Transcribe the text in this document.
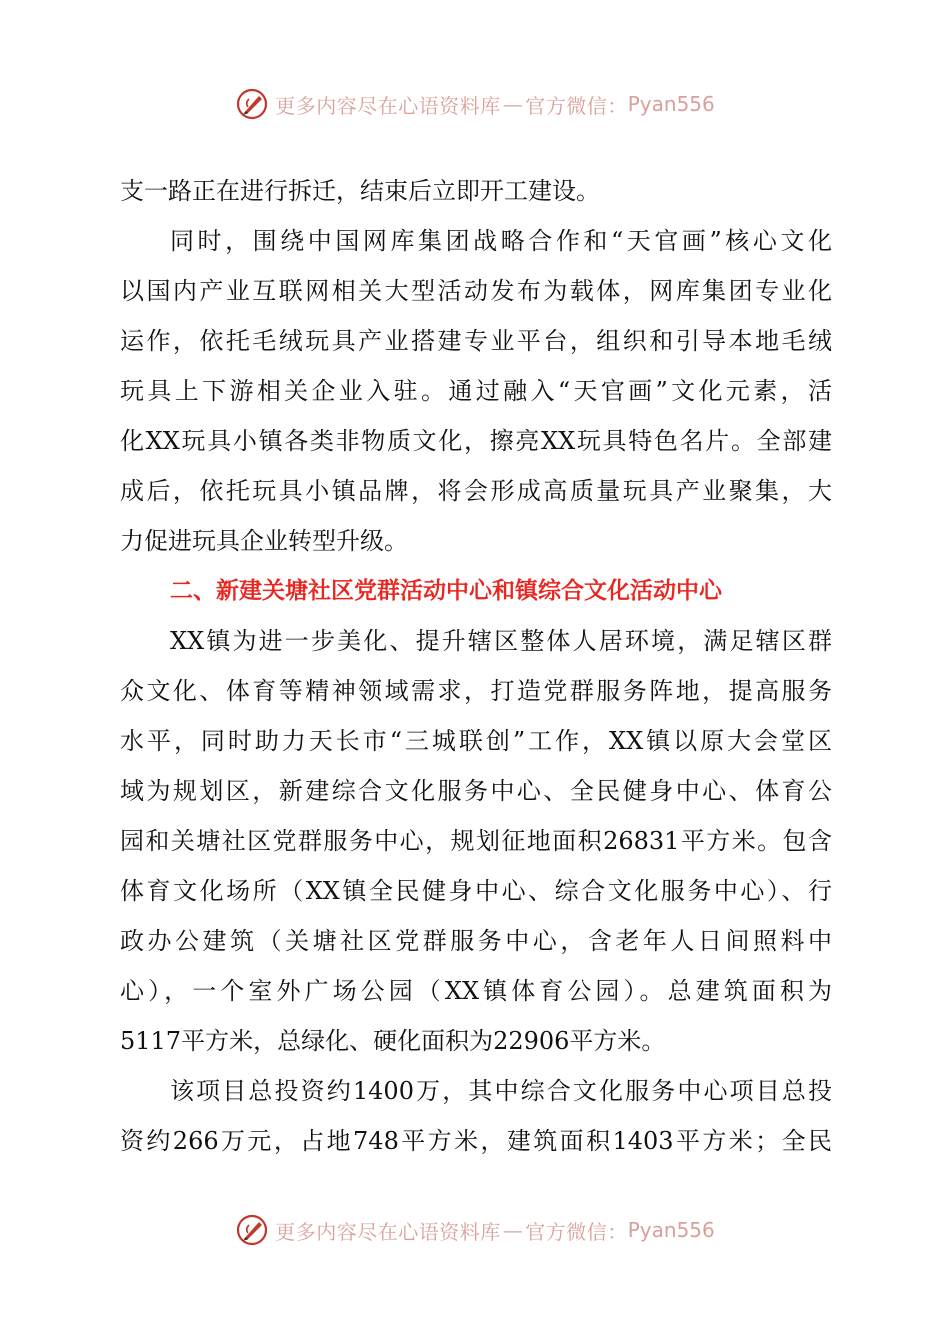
更多内容尽在心语资料库 — 官方微信： Pyan556
支一路正在进行拆迁，结束后立即开工建设。
同时，围绕中国网库集团战略合作和“天官画”核心文化
以国内产业互联网相关大型活动发布为载体，网库集团专业化
运作，依托毛绒玩具产业搭建专业平台，组织和引导本地毛绒
玩具上下游相关企业入驻。通过融入“天官画”文化元素，活
化XX玩具小镇各类非物质文化，擦亮XX玩具特色名片。全部建
成后，依托玩具小镇品牌，将会形成高质量玩具产业聚集，大
力促进玩具企业转型升级。
二、新建关塘社区党群活动中心和镇综合文化活动中心
XX镇为进一步美化、提升辖区整体人居环境，满足辖区群
众文化、体育等精神领域需求，打造党群服务阵地，提高服务
水平，同时助力天长市“三城联创”工作，XX镇以原大会堂区
域为规划区，新建综合文化服务中心、全民健身中心、体育公
园和关塘社区党群服务中心，规划征地面积26831平方米。包含
体育文化场所（XX镇全民健身中心、综合文化服务中心）、行
政办公建筑（关塘社区党群服务中心，含老年人日间照料中
心），一个室外广场公园（XX镇体育公园）。总建筑面积为
5117平方米，总绿化、硬化面积为22906平方米。
该项目总投资约1400万，其中综合文化服务中心项目总投
资约266万元，占地748平方米，建筑面积1403平方米；全民
更多内容尽在心语资料库 — 官方微信： Pyan556
